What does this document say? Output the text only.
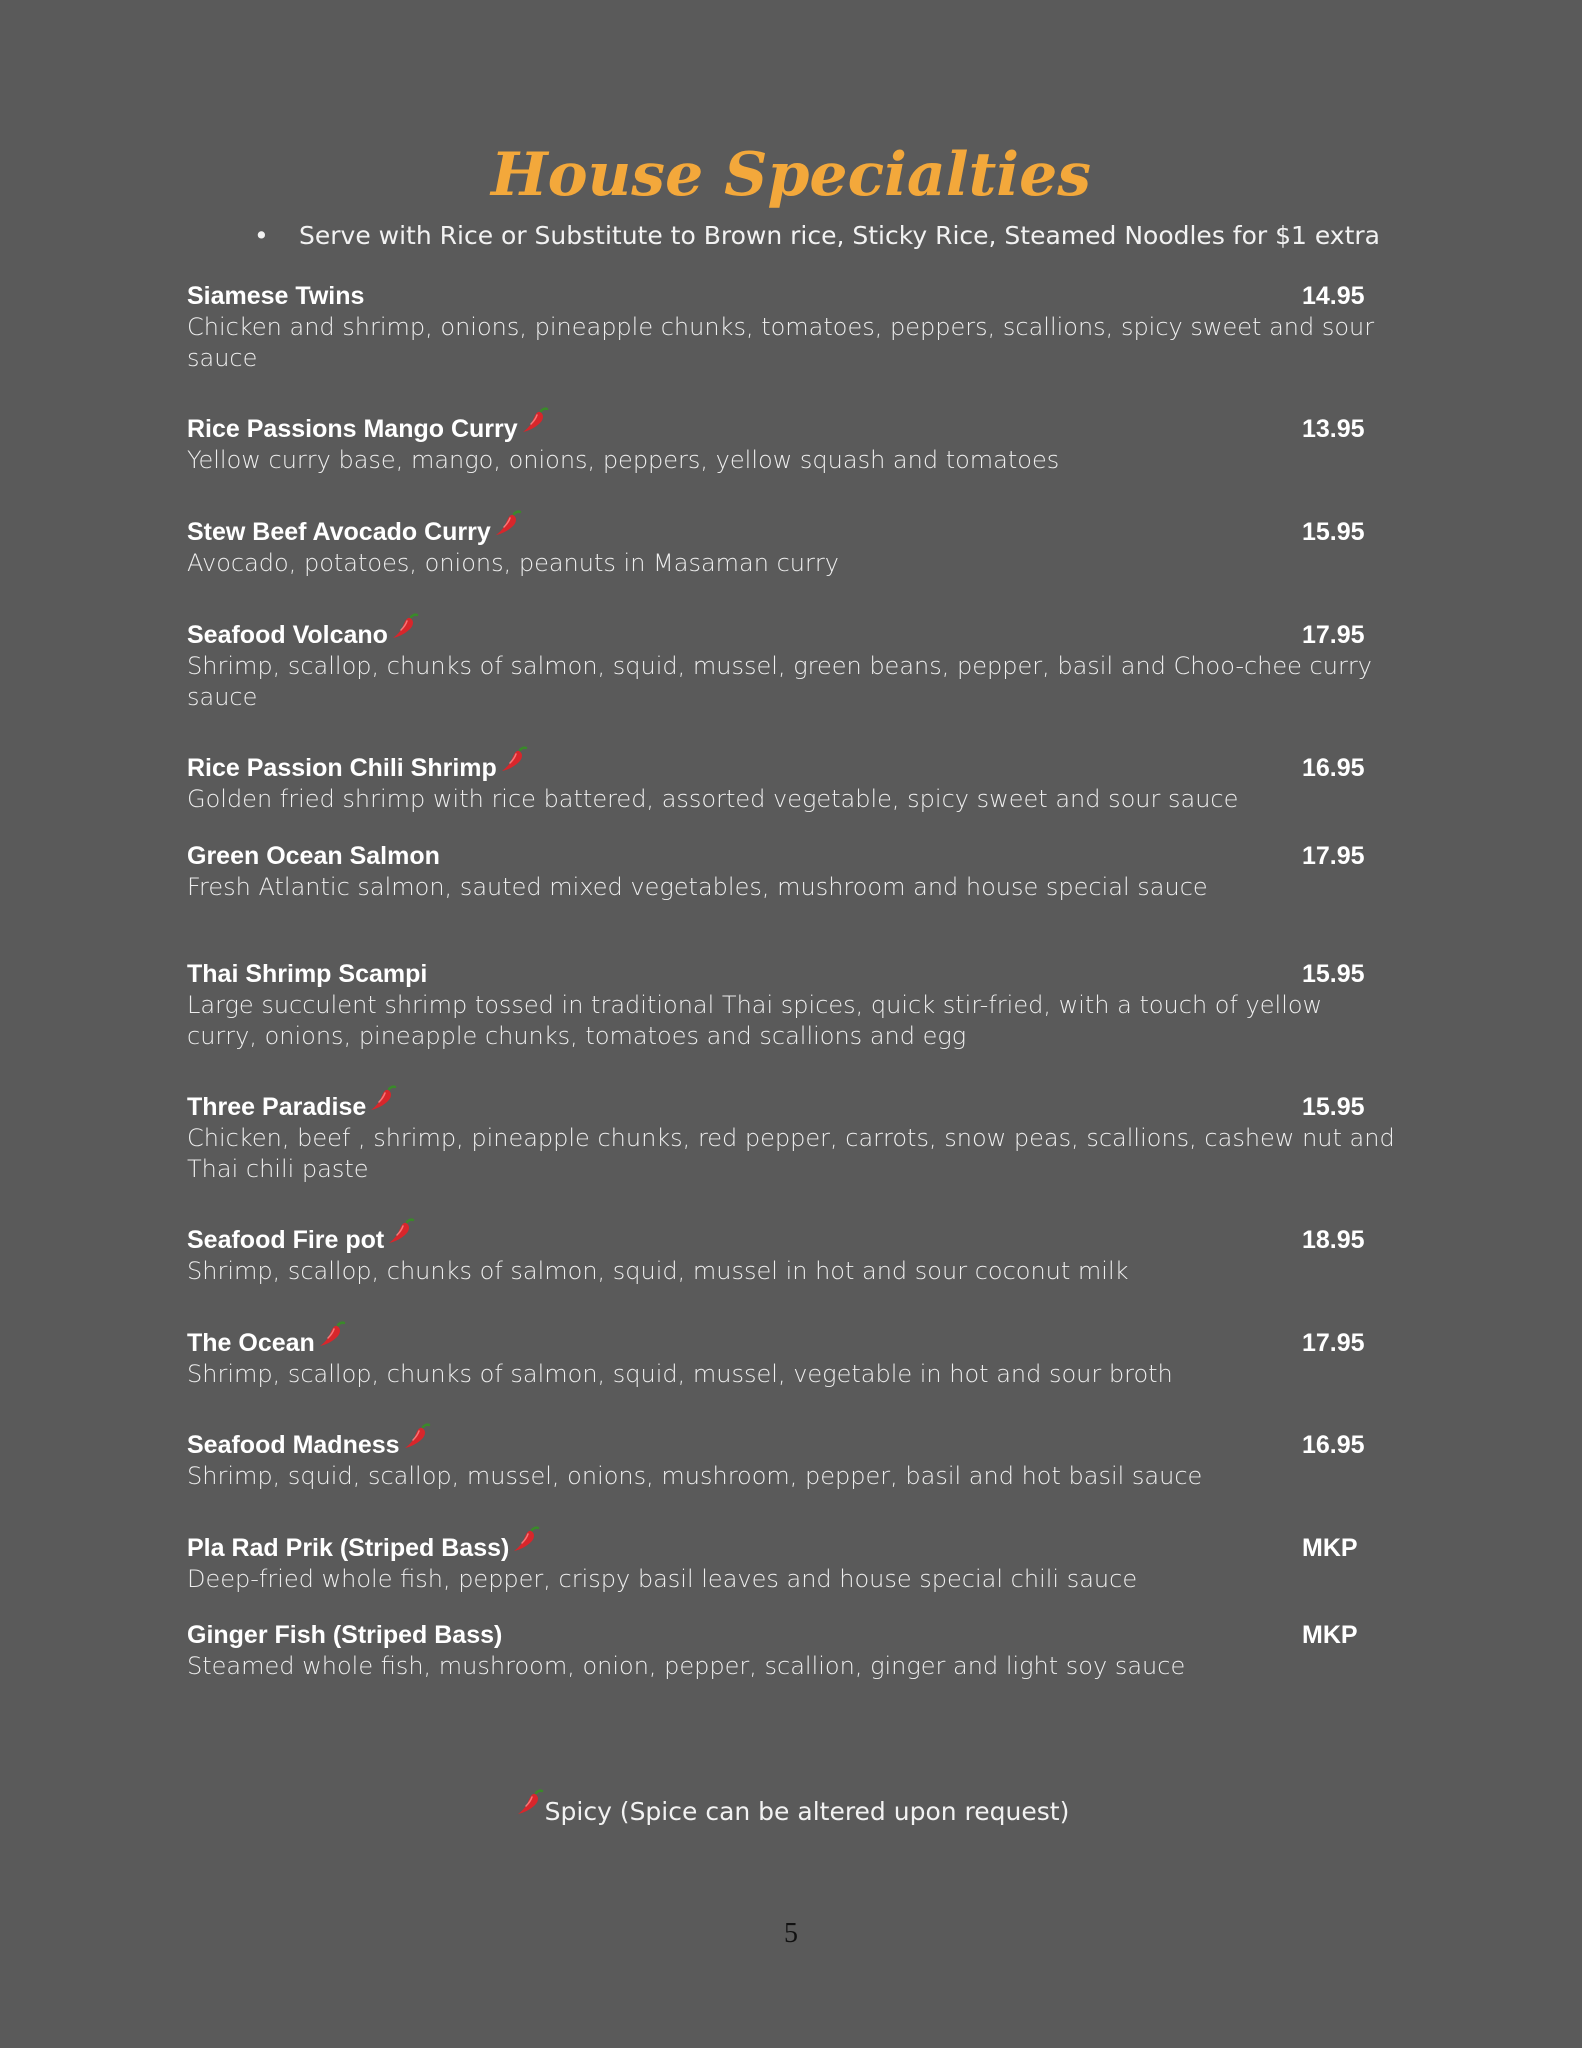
House Specialties
• Serve with Rice or Substitute to Brown rice, Sticky Rice, Steamed Noodles for $1 extra
Siamese Twins	14.95
Chicken and shrimp, onions, pineapple chunks, tomatoes, peppers, scallions, spicy sweet and sour sauce
Rice Passions Mango Curry	13.95
Yellow curry base, mango, onions, peppers, yellow squash and tomatoes
Stew Beef Avocado Curry	15.95
Avocado, potatoes, onions, peanuts in Masaman curry
Seafood Volcano	17.95
Shrimp, scallop, chunks of salmon, squid, mussel, green beans, pepper, basil and Choo-chee curry sauce
Rice Passion Chili Shrimp	16.95
Golden fried shrimp with rice battered, assorted vegetable, spicy sweet and sour sauce
Green Ocean Salmon	17.95
Fresh Atlantic salmon, sauted mixed vegetables, mushroom and house special sauce
Thai Shrimp Scampi	15.95
Large succulent shrimp tossed in traditional Thai spices, quick stir-fried, with a touch of yellow curry, onions, pineapple chunks, tomatoes and scallions and egg
Three Paradise	15.95
Chicken, beef , shrimp, pineapple chunks, red pepper, carrots, snow peas, scallions, cashew nut and Thai chili paste
Seafood Fire pot	18.95
Shrimp, scallop, chunks of salmon, squid, mussel in hot and sour coconut milk
The Ocean	17.95
Shrimp, scallop, chunks of salmon, squid, mussel, vegetable in hot and sour broth
Seafood Madness	16.95
Shrimp, squid, scallop, mussel, onions, mushroom, pepper, basil and hot basil sauce
Pla Rad Prik (Striped Bass)	MKP
Deep-fried whole fish, pepper, crispy basil leaves and house special chili sauce
Ginger Fish (Striped Bass)	MKP
Steamed whole fish, mushroom, onion, pepper, scallion, ginger and light soy sauce
Spicy (Spice can be altered upon request)
5
